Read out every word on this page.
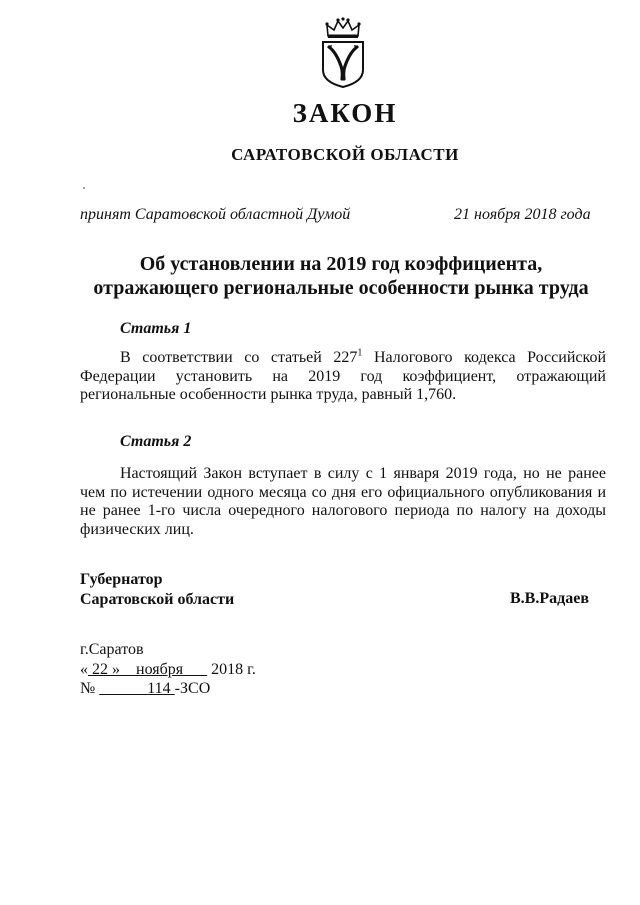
ЗАКОН
САРАТОВСКОЙ ОБЛАСТИ
принят Саратовской областной Думой	21 ноября 2018 года
Об установлении на 2019 год коэффициента,
отражающего региональные особенности рынка труда
Статья 1
В соответствии со статьей $227^1$ Налогового кодекса Российской Федерации установить на 2019 год коэффициент, отражающий региональные особенности рынка труда, равный 1,760.
Статья 2
Настоящий Закон вступает в силу с 1 января 2019 года, но не ранее чем по истечении одного месяца со дня его официального опубликования и не ранее 1-го числа очередного налогового периода по налогу на доходы физических лиц.
Губернатор
Саратовской области	В.В.Радаев
г.Саратов
« 22 » ноября 2018 г.
№	114 -ЗСО
